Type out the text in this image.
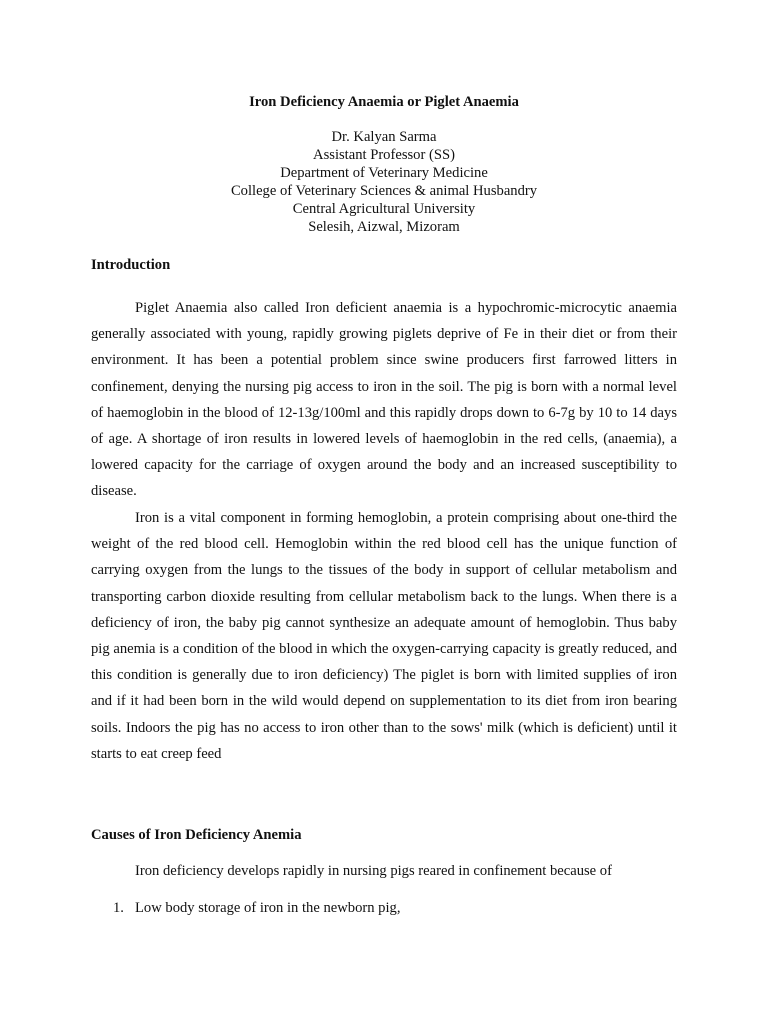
Iron Deficiency Anaemia or Piglet Anaemia
Dr. Kalyan Sarma
Assistant Professor (SS)
Department of Veterinary Medicine
College of Veterinary Sciences & animal Husbandry
Central Agricultural University
Selesih, Aizwal, Mizoram
Introduction
Piglet Anaemia also called Iron deficient anaemia is a hypochromic-microcytic anaemia generally associated with young, rapidly growing piglets deprive of Fe in their diet or from their environment. It has been a potential problem since swine producers first farrowed litters in confinement, denying the nursing pig access to iron in the soil. The pig is born with a normal level of haemoglobin in the blood of 12-13g/100ml and this rapidly drops down to 6-7g by 10 to 14 days of age. A shortage of iron results in lowered levels of haemoglobin in the red cells, (anaemia), a lowered capacity for the carriage of oxygen around the body and an increased susceptibility to disease.
Iron is a vital component in forming hemoglobin, a protein comprising about one-third the weight of the red blood cell. Hemoglobin within the red blood cell has the unique function of carrying oxygen from the lungs to the tissues of the body in support of cellular metabolism and transporting carbon dioxide resulting from cellular metabolism back to the lungs. When there is a deficiency of iron, the baby pig cannot synthesize an adequate amount of hemoglobin. Thus baby pig anemia is a condition of the blood in which the oxygen-carrying capacity is greatly reduced, and this condition is generally due to iron deficiency) The piglet is born with limited supplies of iron and if it had been born in the wild would depend on supplementation to its diet from iron bearing soils. Indoors the pig has no access to iron other than to the sows' milk (which is deficient) until it starts to eat creep feed
Causes of Iron Deficiency Anemia
Iron deficiency develops rapidly in nursing pigs reared in confinement because of
1. Low body storage of iron in the newborn pig,
